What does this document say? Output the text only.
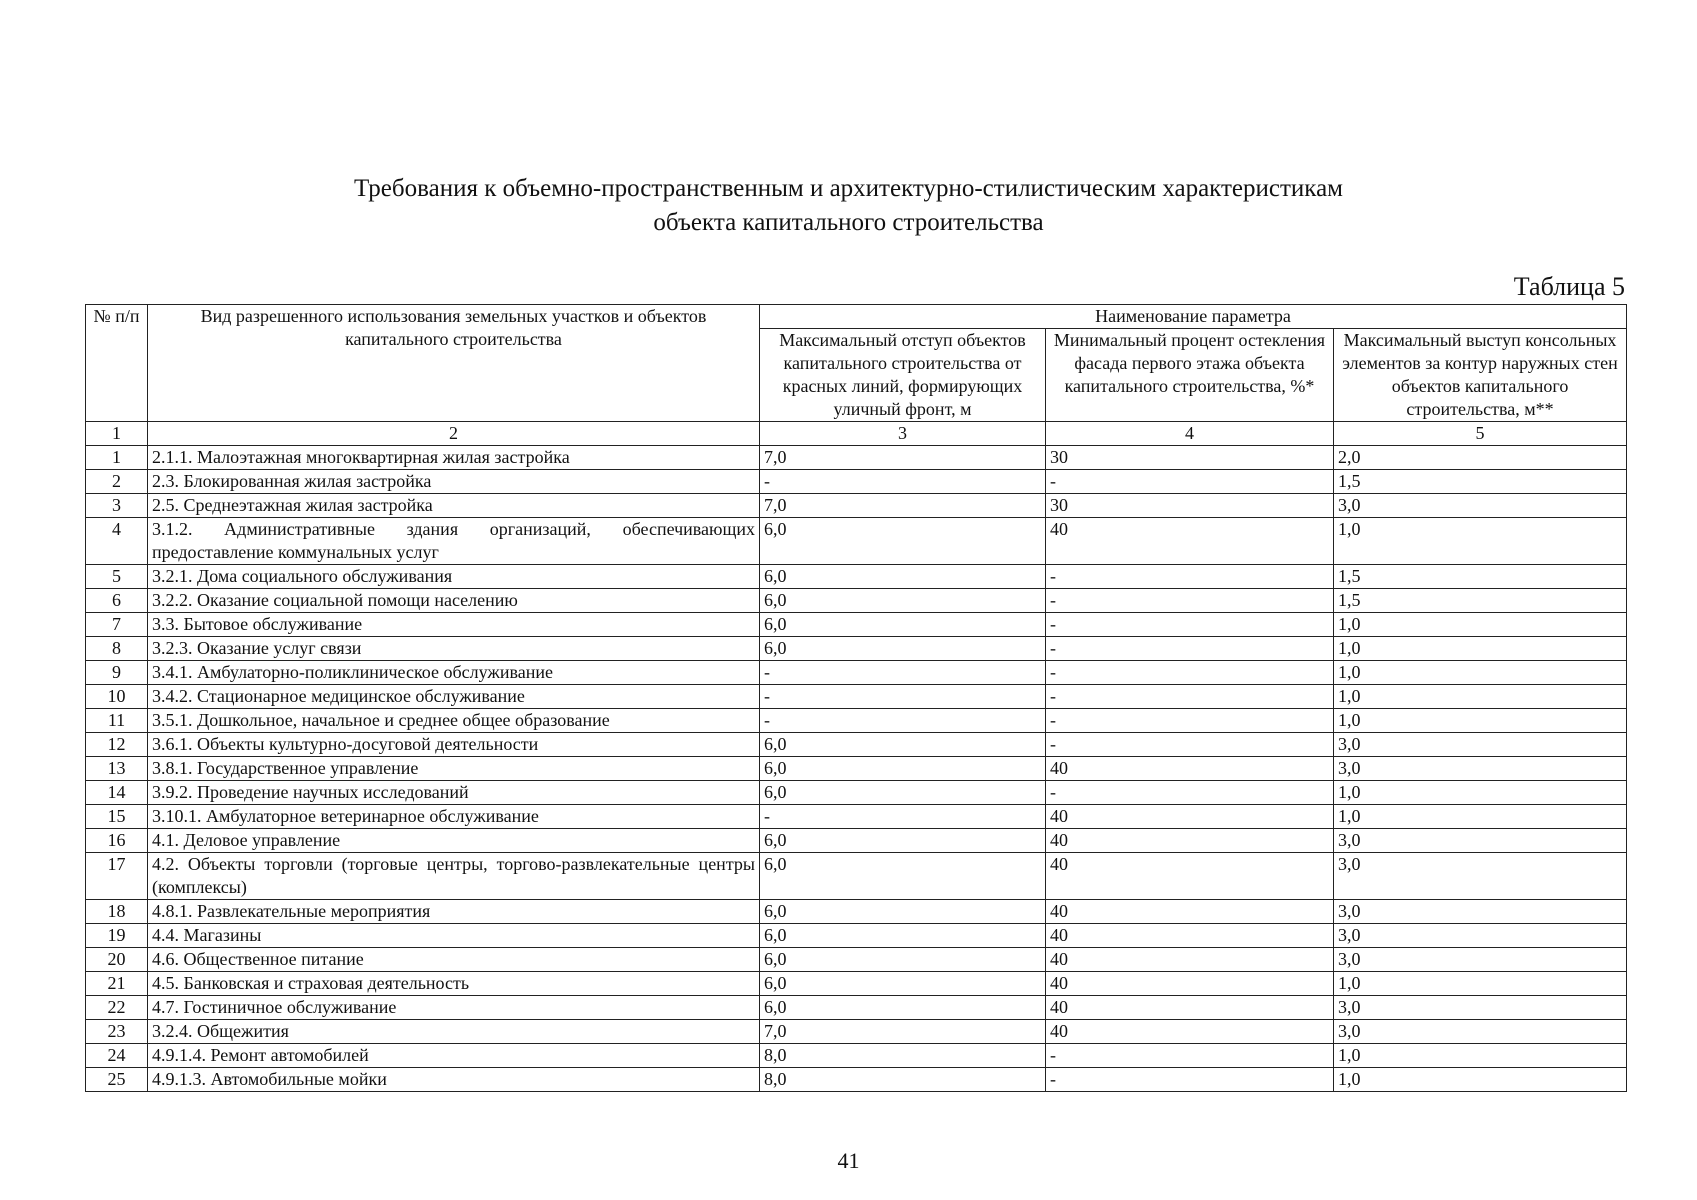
Требования к объемно-пространственным и архитектурно-стилистическим характеристикам
объекта капитального строительства
Таблица 5
№ п/п	Вид разрешенного использования земельных участков и объектов капитального строительства	Наименование параметра		
		Максимальный отступ объектов капитального строительства от красных линий, формирующих уличный фронт, м	Минимальный процент остекления фасада первого этажа объекта капитального строительства, %*	Максимальный выступ консольных элементов за контур наружных стен объектов капитального строительства, м**
1	2	3	4	5
1	2.1.1. Малоэтажная многоквартирная жилая застройка	7,0	30	2,0
2	2.3. Блокированная жилая застройка	-	-	1,5
3	2.5. Среднеэтажная жилая застройка	7,0	30	3,0
4	3.1.2. Административные здания организаций, обеспечивающих предоставление коммунальных услуг	6,0	40	1,0
5	3.2.1. Дома социального обслуживания	6,0	-	1,5
6	3.2.2. Оказание социальной помощи населению	6,0	-	1,5
7	3.3. Бытовое обслуживание	6,0	-	1,0
8	3.2.3. Оказание услуг связи	6,0	-	1,0
9	3.4.1. Амбулаторно-поликлиническое обслуживание	-	-	1,0
10	3.4.2. Стационарное медицинское обслуживание	-	-	1,0
11	3.5.1. Дошкольное, начальное и среднее общее образование	-	-	1,0
12	3.6.1. Объекты культурно-досуговой деятельности	6,0	-	3,0
13	3.8.1. Государственное управление	6,0	40	3,0
14	3.9.2. Проведение научных исследований	6,0	-	1,0
15	3.10.1. Амбулаторное ветеринарное обслуживание	-	40	1,0
16	4.1. Деловое управление	6,0	40	3,0
17	4.2. Объекты торговли (торговые центры, торгово-развлекательные центры (комплексы)	6,0	40	3,0
18	4.8.1. Развлекательные мероприятия	6,0	40	3,0
19	4.4. Магазины	6,0	40	3,0
20	4.6. Общественное питание	6,0	40	3,0
21	4.5. Банковская и страховая деятельность	6,0	40	1,0
22	4.7. Гостиничное обслуживание	6,0	40	3,0
23	3.2.4. Общежития	7,0	40	3,0
24	4.9.1.4. Ремонт автомобилей	8,0	-	1,0
25	4.9.1.3. Автомобильные мойки	8,0	-	1,0
41
